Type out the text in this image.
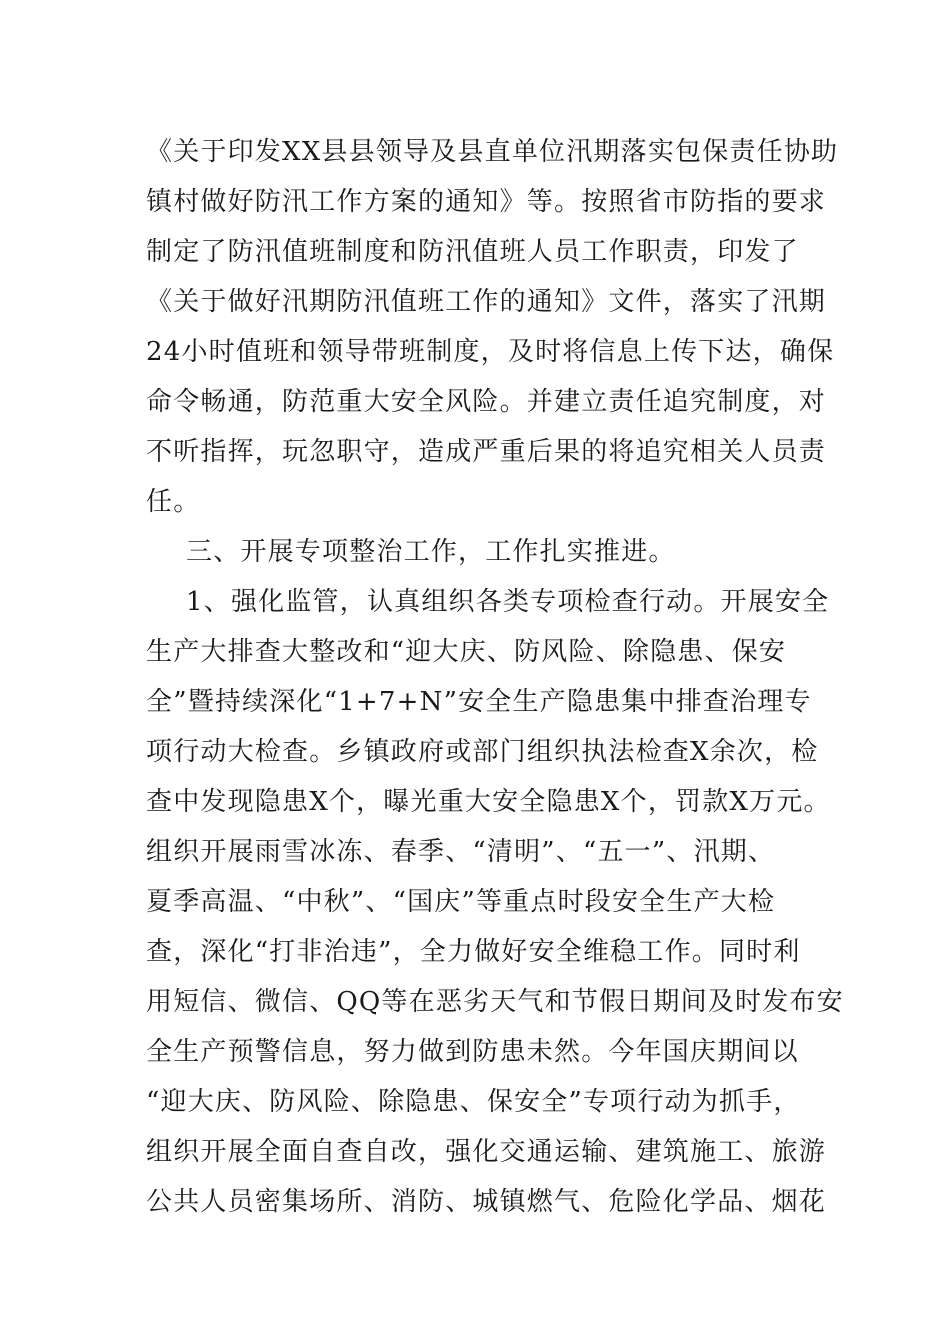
《关于印发XX县县领导及县直单位汛期落实包保责任协助
镇村做好防汛工作方案的通知》等。按照省市防指的要求
制定了防汛值班制度和防汛值班人员工作职责，印发了
《关于做好汛期防汛值班工作的通知》文件，落实了汛期
24小时值班和领导带班制度，及时将信息上传下达，确保
命令畅通，防范重大安全风险。并建立责任追究制度，对
不听指挥，玩忽职守，造成严重后果的将追究相关人员责
任。
三、开展专项整治工作，工作扎实推进。
1、强化监管，认真组织各类专项检查行动。开展安全
生产大排查大整改和“迎大庆、防风险、除隐患、保安
全”暨持续深化“1+7+N”安全生产隐患集中排查治理专
项行动大检查。乡镇政府或部门组织执法检查X余次，检
查中发现隐患X个，曝光重大安全隐患X个，罚款X万元。
组织开展雨雪冰冻、春季、“清明”、“五一”、汛期、
夏季高温、“中秋”、“国庆”等重点时段安全生产大检
查，深化“打非治违”，全力做好安全维稳工作。同时利
用短信、微信、QQ等在恶劣天气和节假日期间及时发布安
全生产预警信息，努力做到防患未然。今年国庆期间以
“迎大庆、防风险、除隐患、保安全”专项行动为抓手，
组织开展全面自查自改，强化交通运输、建筑施工、旅游
公共人员密集场所、消防、城镇燃气、危险化学品、烟花
